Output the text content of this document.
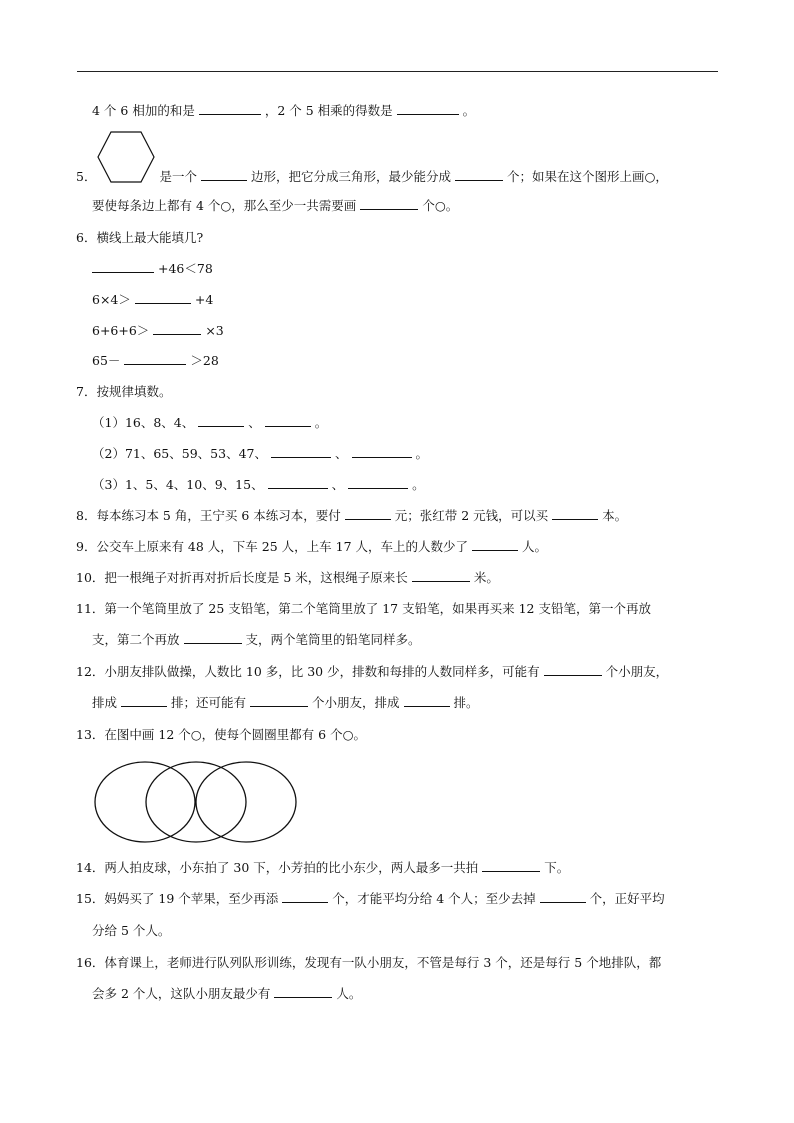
4 个 6 相加的和是	，2 个 5 相乘的得数是	。
5．	是一个	边形，把它分成三角形，最少能分成	个；如果在这个图形上画○，
要使每条边上都有 4 个○，那么至少一共需要画	个○。
6．横线上最大能填几?
+46＜78
6×4＞	+4
6+6+6＞	×3
65－	＞28
7．按规律填数。
（1）16、8、4、	、	。
（2）71、65、59、53、47、	、	。
（3）1、5、4、10、9、15、	、	。
8．每本练习本 5 角，王宁买 6 本练习本，要付	元；张红带 2 元钱，可以买	本。
9．公交车上原来有 48 人，下车 25 人，上车 17 人，车上的人数少了	人。
10．把一根绳子对折再对折后长度是 5 米，这根绳子原来长	米。
11．第一个笔筒里放了 25 支铅笔，第二个笔筒里放了 17 支铅笔，如果再买来 12 支铅笔，第一个再放
支，第二个再放	支，两个笔筒里的铅笔同样多。
12．小朋友排队做操，人数比 10 多，比 30 少，排数和每排的人数同样多，可能有	个小朋友，
排成	排；还可能有	个小朋友，排成	排。
13．在图中画 12 个○，使每个圆圈里都有 6 个○。
14．两人拍皮球，小东拍了 30 下，小芳拍的比小东少，两人最多一共拍	下。
15．妈妈买了 19 个苹果，至少再添	个，才能平均分给 4 个人；至少去掉	个，正好平均
分给 5 个人。
16．体育课上，老师进行队列队形训练，发现有一队小朋友，不管是每行 3 个，还是每行 5 个地排队，都
会多 2 个人，这队小朋友最少有	人。
